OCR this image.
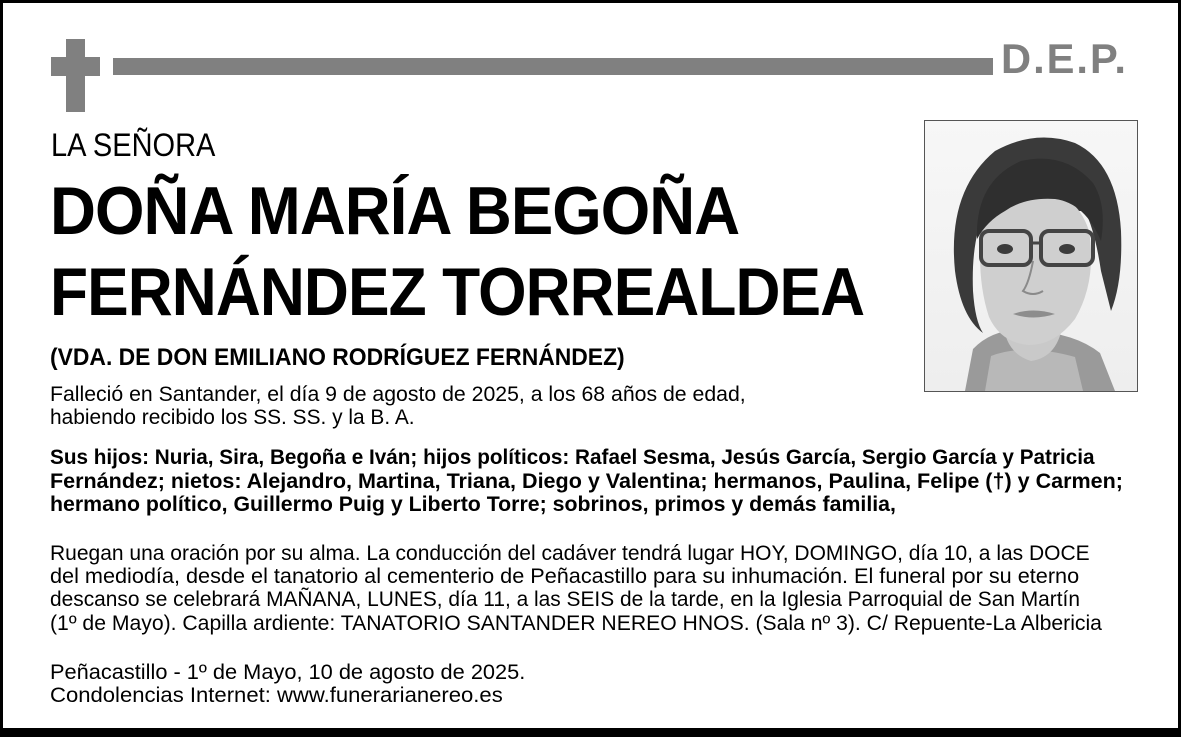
D.E.P.
LA SEÑORA
DOÑA MARÍA BEGOÑA
FERNÁNDEZ TORREALDEA
(VDA. DE DON EMILIANO RODRÍGUEZ FERNÁNDEZ)
Falleció en Santander, el día 9 de agosto de 2025, a los 68 años de edad,
habiendo recibido los SS. SS. y la B. A.
Sus hijos: Nuria, Sira, Begoña e Iván; hijos políticos: Rafael Sesma, Jesús García, Sergio García y Patricia
Fernández; nietos: Alejandro, Martina, Triana, Diego y Valentina; hermanos, Paulina, Felipe (†) y Carmen;
hermano político, Guillermo Puig y Liberto Torre; sobrinos, primos y demás familia,
Ruegan una oración por su alma. La conducción del cadáver tendrá lugar HOY, DOMINGO, día 10, a las DOCE
del mediodía, desde el tanatorio al cementerio de Peñacastillo para su inhumación. El funeral por su eterno
descanso se celebrará MAÑANA, LUNES, día 11, a las SEIS de la tarde, en la Iglesia Parroquial de San Martín
(1º de Mayo). Capilla ardiente: TANATORIO SANTANDER NEREO HNOS. (Sala nº 3). C/ Repuente-La Albericia
Peñacastillo - 1º de Mayo, 10 de agosto de 2025.
Condolencias Internet: www.funerarianereo.es
